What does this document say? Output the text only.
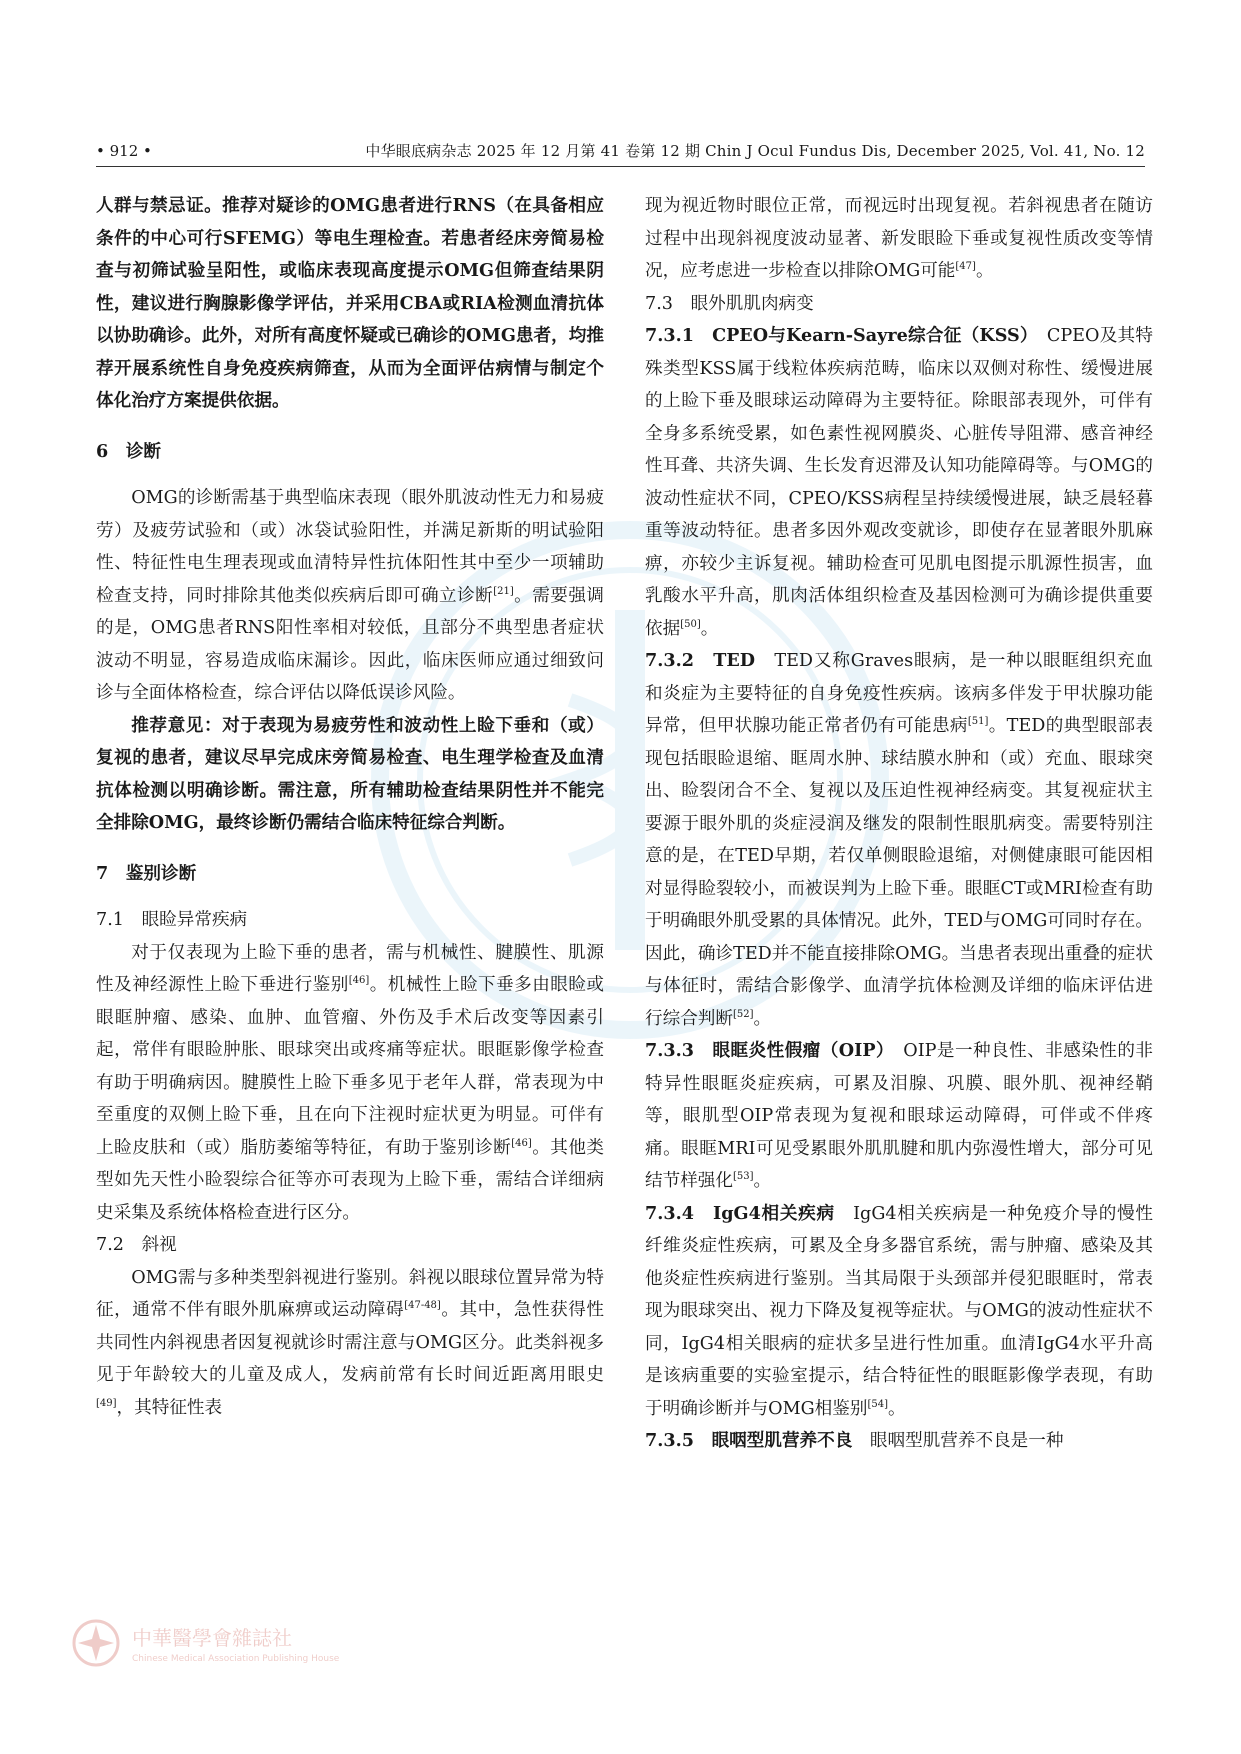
• 912 •	中华眼底病杂志 2025 年 12 月第 41 卷第 12 期 Chin J Ocul Fundus Dis, December 2025, Vol. 41, No. 12

人群与禁忌证。推荐对疑诊的OMG患者进行RNS（在具备相应条件的中心可行SFEMG）等电生理检查。若患者经床旁简易检查与初筛试验呈阳性，或临床表现高度提示OMG但筛查结果阴性，建议进行胸腺影像学评估，并采用CBA或RIA检测血清抗体以协助确诊。此外，对所有高度怀疑或已确诊的OMG患者，均推荐开展系统性自身免疫疾病筛查，从而为全面评估病情与制定个体化治疗方案提供依据。

6　诊断

OMG的诊断需基于典型临床表现（眼外肌波动性无力和易疲劳）及疲劳试验和（或）冰袋试验阳性，并满足新斯的明试验阳性、特征性电生理表现或血清特异性抗体阳性其中至少一项辅助检查支持，同时排除其他类似疾病后即可确立诊断[21]。需要强调的是，OMG患者RNS阳性率相对较低，且部分不典型患者症状波动不明显，容易造成临床漏诊。因此，临床医师应通过细致问诊与全面体格检查，综合评估以降低误诊风险。

推荐意见：对于表现为易疲劳性和波动性上睑下垂和（或）复视的患者，建议尽早完成床旁简易检查、电生理学检查及血清抗体检测以明确诊断。需注意，所有辅助检查结果阴性并不能完全排除OMG，最终诊断仍需结合临床特征综合判断。

7　鉴别诊断
7.1　眼睑异常疾病

对于仅表现为上睑下垂的患者，需与机械性、腱膜性、肌源性及神经源性上睑下垂进行鉴别[46]。机械性上睑下垂多由眼睑或眼眶肿瘤、感染、血肿、血管瘤、外伤及手术后改变等因素引起，常伴有眼睑肿胀、眼球突出或疼痛等症状。眼眶影像学检查有助于明确病因。腱膜性上睑下垂多见于老年人群，常表现为中至重度的双侧上睑下垂，且在向下注视时症状更为明显。可伴有上睑皮肤和（或）脂肪萎缩等特征，有助于鉴别诊断[46]。其他类型如先天性小睑裂综合征等亦可表现为上睑下垂，需结合详细病史采集及系统体格检查进行区分。

7.2　斜视

OMG需与多种类型斜视进行鉴别。斜视以眼球位置异常为特征，通常不伴有眼外肌麻痹或运动障碍[47-48]。其中，急性获得性共同性内斜视患者因复视就诊时需注意与OMG区分。此类斜视多见于年龄较大的儿童及成人，发病前常有长时间近距离用眼史[49]，其特征性表

现为视近物时眼位正常，而视远时出现复视。若斜视患者在随访过程中出现斜视度波动显著、新发眼睑下垂或复视性质改变等情况，应考虑进一步检查以排除OMG可能[47]。

7.3　眼外肌肌肉病变

7.3.1　CPEO与Kearn-Sayre综合征（KSS）　CPEO及其特殊类型KSS属于线粒体疾病范畴，临床以双侧对称性、缓慢进展的上睑下垂及眼球运动障碍为主要特征。除眼部表现外，可伴有全身多系统受累，如色素性视网膜炎、心脏传导阻滞、感音神经性耳聋、共济失调、生长发育迟滞及认知功能障碍等。与OMG的波动性症状不同，CPEO/KSS病程呈持续缓慢进展，缺乏晨轻暮重等波动特征。患者多因外观改变就诊，即使存在显著眼外肌麻痹，亦较少主诉复视。辅助检查可见肌电图提示肌源性损害，血乳酸水平升高，肌肉活体组织检查及基因检测可为确诊提供重要依据[50]。

7.3.2　TED　TED又称Graves眼病，是一种以眼眶组织充血和炎症为主要特征的自身免疫性疾病。该病多伴发于甲状腺功能异常，但甲状腺功能正常者仍有可能患病[51]。TED的典型眼部表现包括眼睑退缩、眶周水肿、球结膜水肿和（或）充血、眼球突出、睑裂闭合不全、复视以及压迫性视神经病变。其复视症状主要源于眼外肌的炎症浸润及继发的限制性眼肌病变。需要特别注意的是，在TED早期，若仅单侧眼睑退缩，对侧健康眼可能因相对显得睑裂较小，而被误判为上睑下垂。眼眶CT或MRI检查有助于明确眼外肌受累的具体情况。此外，TED与OMG可同时存在。因此，确诊TED并不能直接排除OMG。当患者表现出重叠的症状与体征时，需结合影像学、血清学抗体检测及详细的临床评估进行综合判断[52]。

7.3.3　眼眶炎性假瘤（OIP）　OIP是一种良性、非感染性的非特异性眼眶炎症疾病，可累及泪腺、巩膜、眼外肌、视神经鞘等，眼肌型OIP常表现为复视和眼球运动障碍，可伴或不伴疼痛。眼眶MRI可见受累眼外肌肌腱和肌内弥漫性增大，部分可见结节样强化[53]。

7.3.4　IgG4相关疾病　IgG4相关疾病是一种免疫介导的慢性纤维炎症性疾病，可累及全身多器官系统，需与肿瘤、感染及其他炎症性疾病进行鉴别。当其局限于头颈部并侵犯眼眶时，常表现为眼球突出、视力下降及复视等症状。与OMG的波动性症状不同，IgG4相关眼病的症状多呈进行性加重。血清IgG4水平升高是该病重要的实验室提示，结合特征性的眼眶影像学表现，有助于明确诊断并与OMG相鉴别[54]。

7.3.5　眼咽型肌营养不良　眼咽型肌营养不良是一种

中華醫學會雜誌社
Chinese Medical Association Publishing House
